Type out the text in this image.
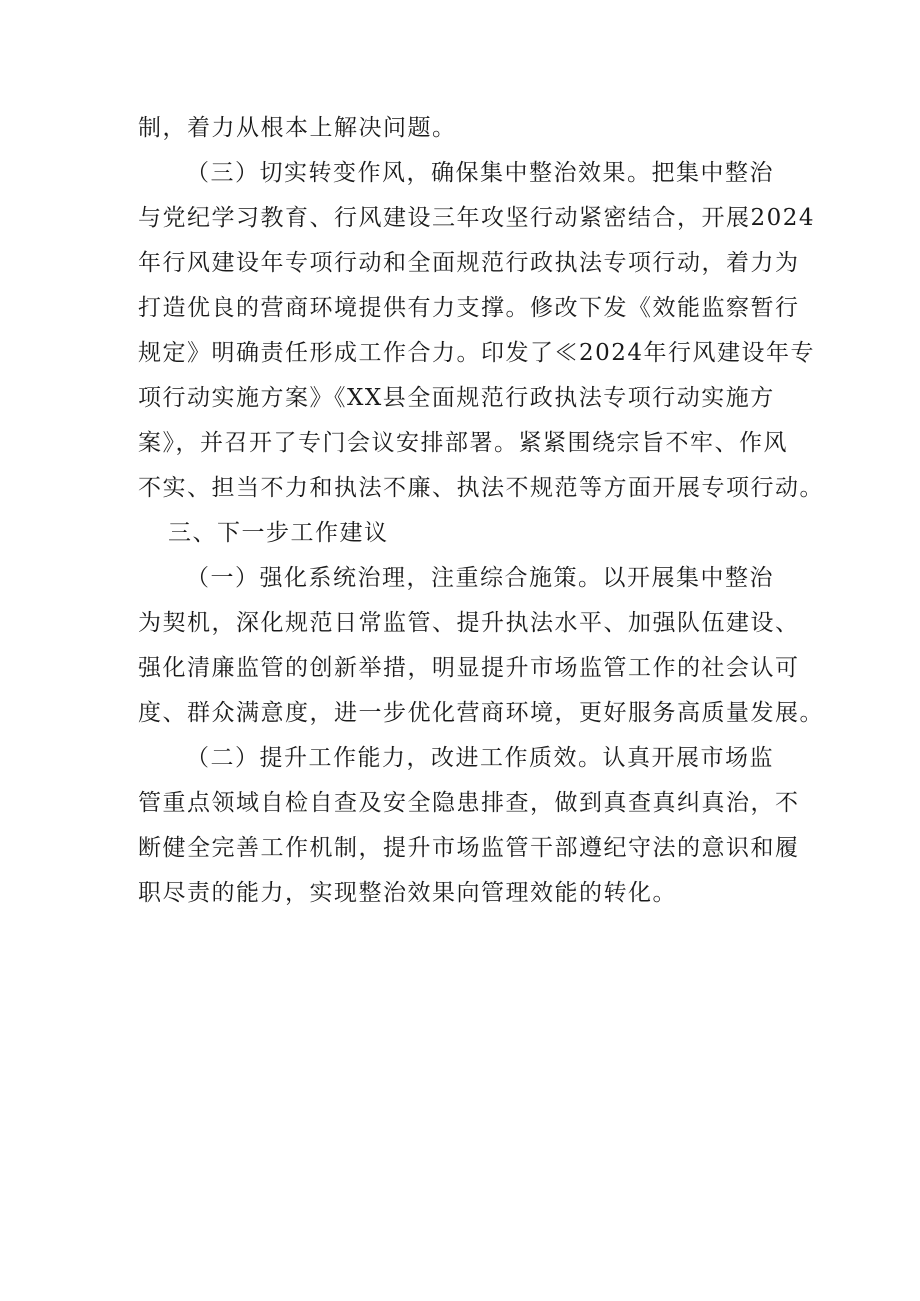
制，着力从根本上解决问题。
（三）切实转变作风，确保集中整治效果。把集中整治
与党纪学习教育、行风建设三年攻坚行动紧密结合，开展2024
年行风建设年专项行动和全面规范行政执法专项行动，着力为
打造优良的营商环境提供有力支撑。修改下发《效能监察暂行
规定》明确责任形成工作合力。印发了≪2024年行风建设年专
项行动实施方案》《XX县全面规范行政执法专项行动实施方
案》，并召开了专门会议安排部署。紧紧围绕宗旨不牢、作风
不实、担当不力和执法不廉、执法不规范等方面开展专项行动。
三、下一步工作建议
（一）强化系统治理，注重综合施策。以开展集中整治
为契机，深化规范日常监管、提升执法水平、加强队伍建设、
强化清廉监管的创新举措，明显提升市场监管工作的社会认可
度、群众满意度，进一步优化营商环境，更好服务高质量发展。
（二）提升工作能力，改进工作质效。认真开展市场监
管重点领域自检自查及安全隐患排查，做到真查真纠真治，不
断健全完善工作机制，提升市场监管干部遵纪守法的意识和履
职尽责的能力，实现整治效果向管理效能的转化。
